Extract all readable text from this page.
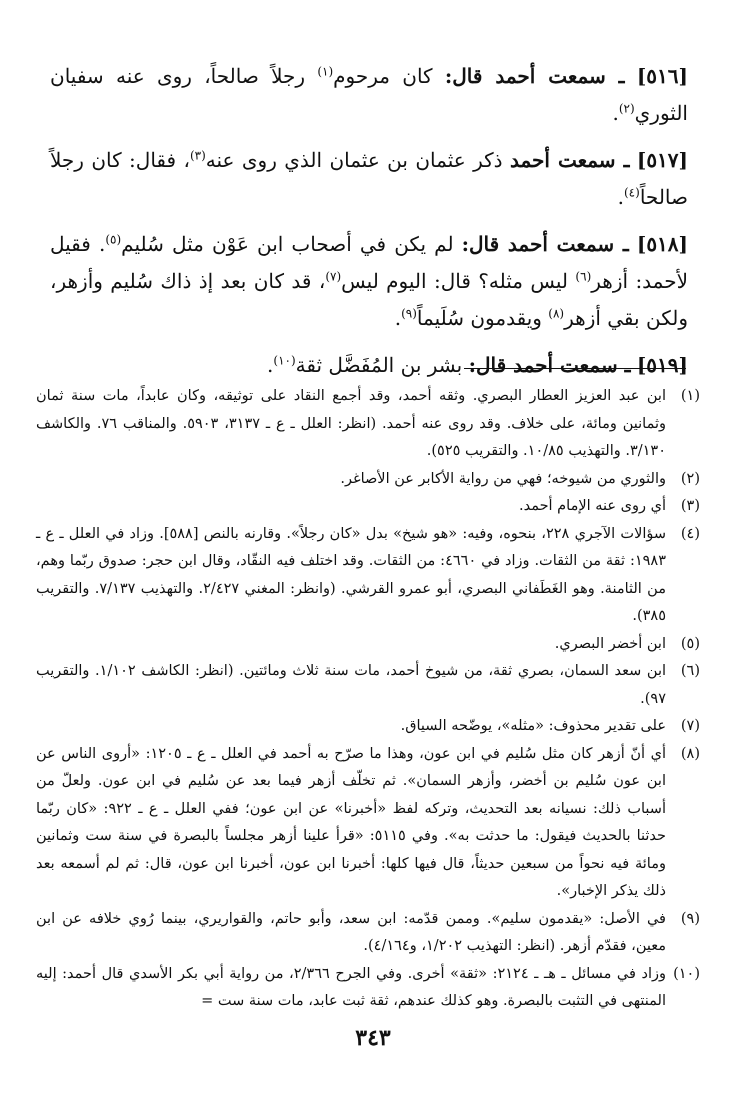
[٥١٦] ـ سمعت أحمد قال: كان مرحوم$^{(١)}$ رجلاً صالحاً، روى عنه سفيان الثوري$^{(٢)}$.

[٥١٧] ـ سمعت أحمد ذكر عثمان بن عثمان الذي روى عنه$^{(٣)}$، فقال: كان رجلاً صالحاً$^{(٤)}$.

[٥١٨] ـ سمعت أحمد قال: لم يكن في أصحاب ابن عَوْن مثل سُليم$^{(٥)}$. فقيل لأحمد: أزهر$^{(٦)}$ ليس مثله؟ قال: اليوم ليس$^{(٧)}$، قد كان بعد إذ ذاك سُليم وأزهر، ولكن بقي أزهر$^{(٨)}$ ويقدمون سُلَيماً$^{(٩)}$.

[٥١٩] ـ سمعت أحمد قال: بشر بن المُفَضَّل ثقة$^{(١٠)}$.

(١)
ابن عبد العزيز العطار البصري. وثقه أحمد، وقد أجمع النقاد على توثيقه، وكان عابداً، مات سنة ثمان وثمانين ومائة، على خلاف. وقد روى عنه أحمد. (انظر: العلل ـ ع ـ ٣١٣٧، ٥٩٠٣. والمناقب ٧٦. والكاشف ٣/١٣٠. والتهذيب ١٠/٨٥. والتقريب ٥٢٥).
(٢)
والثوري من شيوخه؛ فهي من رواية الأكابر عن الأصاغر.
(٣)
أي روى عنه الإمام أحمد.
(٤)
سؤالات الآجري ٢٢٨، بنحوه، وفيه: «هو شيخ» بدل «كان رجلاً». وقارنه بالنص [٥٨٨]. وزاد في العلل ـ ع ـ ١٩٨٣: ثقة من الثقات. وزاد في ٤٦٦٠: من الثقات. وقد اختلف فيه النقّاد، وقال ابن حجر: صدوق ربّما وهم، من الثامنة. وهو الغَطَفاني البصري، أبو عمرو القرشي. (وانظر: المغني ٢/٤٢٧. والتهذيب ٧/١٣٧. والتقريب ٣٨٥).
(٥)
ابن أخضر البصري.
(٦)
ابن سعد السمان، بصري ثقة، من شيوخ أحمد، مات سنة ثلاث ومائتين. (انظر: الكاشف ١/١٠٢. والتقريب ٩٧).
(٧)
على تقدير محذوف: «مثله»، يوضّحه السياق.
(٨)
أي أنّ أزهر كان مثل سُليم في ابن عون، وهذا ما صرّح به أحمد في العلل ـ ع ـ ١٢٠٥: «أروى الناس عن ابن عون سُليم بن أخضر، وأزهر السمان». ثم تخلّف أزهر فيما بعد عن سُليم في ابن عون. ولعلّ من أسباب ذلك: نسيانه بعد التحديث، وتركه لفظ «أخبرنا» عن ابن عون؛ ففي العلل ـ ع ـ ٩٢٢: «كان ربّما حدثنا بالحديث فيقول: ما حدثت به». وفي ٥١١٥: «قرأ علينا أزهر مجلساً بالبصرة في سنة ست وثمانين ومائة فيه نحواً من سبعين حديثاً، قال فيها كلها: أخبرنا ابن عون، أخبرنا ابن عون، قال: ثم لم أسمعه بعد ذلك يذكر الإخبار».
(٩)
في الأصل: «يقدمون سليم». وممن قدّمه: ابن سعد، وأبو حاتم، والقواريري، بينما رُوي خلافه عن ابن معين، فقدّم أزهر. (انظر: التهذيب ١/٢٠٢، و٤/١٦٤).
(١٠)
وزاد في مسائل ـ هـ ـ ٢١٢٤: «ثقة» أخرى. وفي الجرح ٢/٣٦٦، من رواية أبي بكر الأسدي قال أحمد: إليه المنتهى في التثبت بالبصرة. وهو كذلك عندهم، ثقة ثبت عابد، مات سنة ست =
٣٤٣
